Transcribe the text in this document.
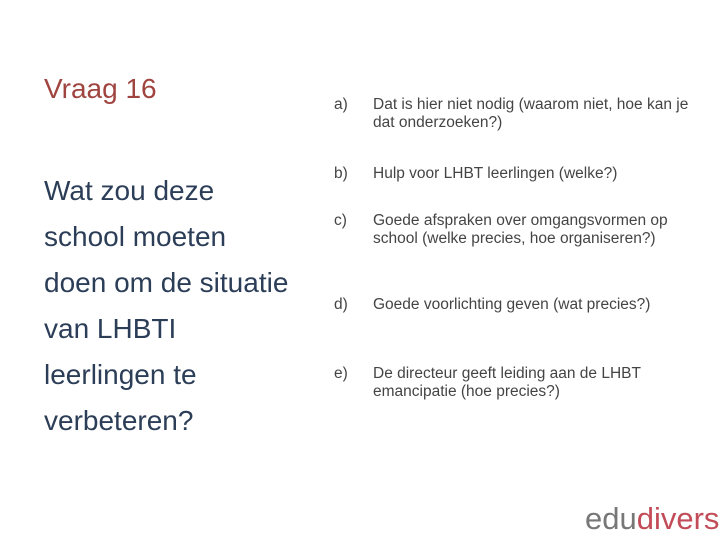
Vraag 16
Wat zou deze school moeten doen om de situatie van LHBTI leerlingen te verbeteren?
a)	Dat is hier niet nodig (waarom niet, hoe kan je dat onderzoeken?)
b)	Hulp voor LHBT leerlingen (welke?)
c)	Goede afspraken over omgangsvormen op school (welke precies, hoe organiseren?)
d)	Goede voorlichting geven (wat precies?)
e)	De directeur geeft leiding aan de LHBT emancipatie (hoe precies?)
edudivers
